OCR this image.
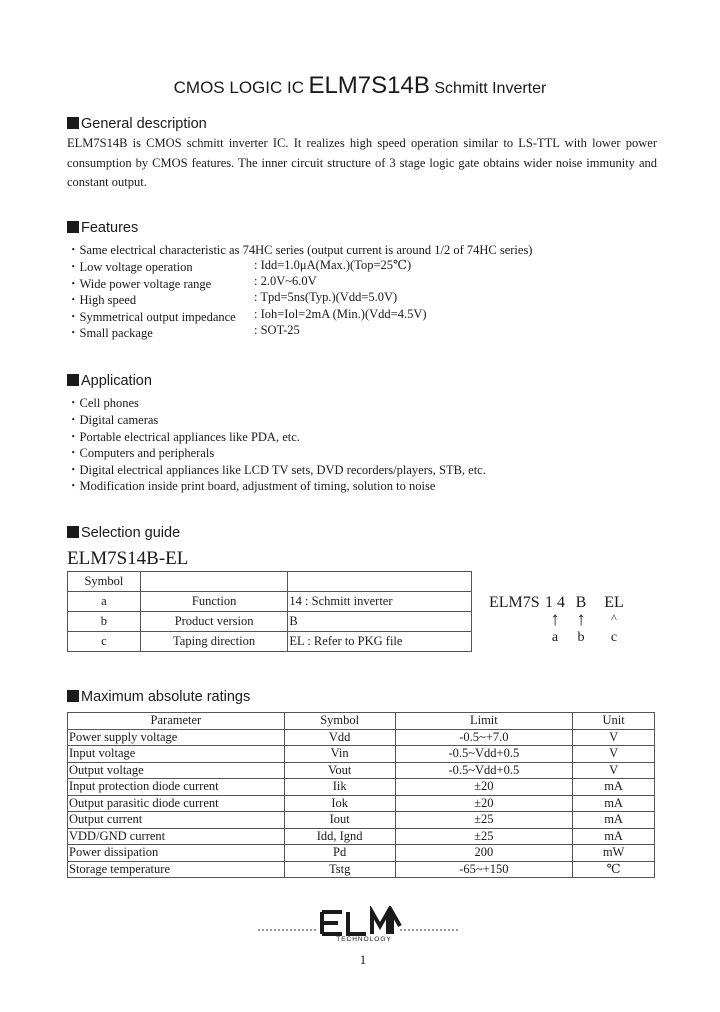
CMOS LOGIC IC ELM7S14B Schmitt Inverter
General description
ELM7S14B is CMOS schmitt inverter IC. It realizes high speed operation similar to LS-TTL with lower power consumption by CMOS features. The inner circuit structure of 3 stage logic gate obtains wider noise immunity and constant output.
Features
・Same electrical characteristic as 74HC series (output current is around 1/2 of 74HC series)
・Low voltage operation	: Idd=1.0μA(Max.)(Top=25℃)
・Wide power voltage range	: 2.0V~6.0V
・High speed	: Tpd=5ns(Typ.)(Vdd=5.0V)
・Symmetrical output impedance : Ioh=Iol=2mA (Min.)(Vdd=4.5V)
・Small package	: SOT-25
Application
・Cell phones
・Digital cameras
・Portable electrical appliances like PDA, etc.
・Computers and peripherals
・Digital electrical appliances like LCD TV sets, DVD recorders/players, STB, etc.
・Modification inside print board, adjustment of timing, solution to noise
Selection guide
ELM7S14B-EL
Symbol		
a	Function	14 : Schmitt inverter
b	Product version	B
c	Taping direction	EL : Refer to PKG file
ELM7S 1 4 B EL
↑ ↑	^
a	b	c
Maximum absolute ratings
Parameter	Symbol	Limit	Unit
Power supply voltage	Vdd	-0.5~+7.0	V
Input voltage	Vin	-0.5~Vdd+0.5	V
Output voltage	Vout	-0.5~Vdd+0.5	V
Input protection diode current	Iik	±20	mA
Output parasitic diode current	Iok	±20	mA
Output current	Iout	±25	mA
VDD/GND current	Idd, Ignd	±25	mA
Power dissipation	Pd	200	mW
Storage temperature	Tstg	-65~+150	℃
TECHNOLOGY
1
